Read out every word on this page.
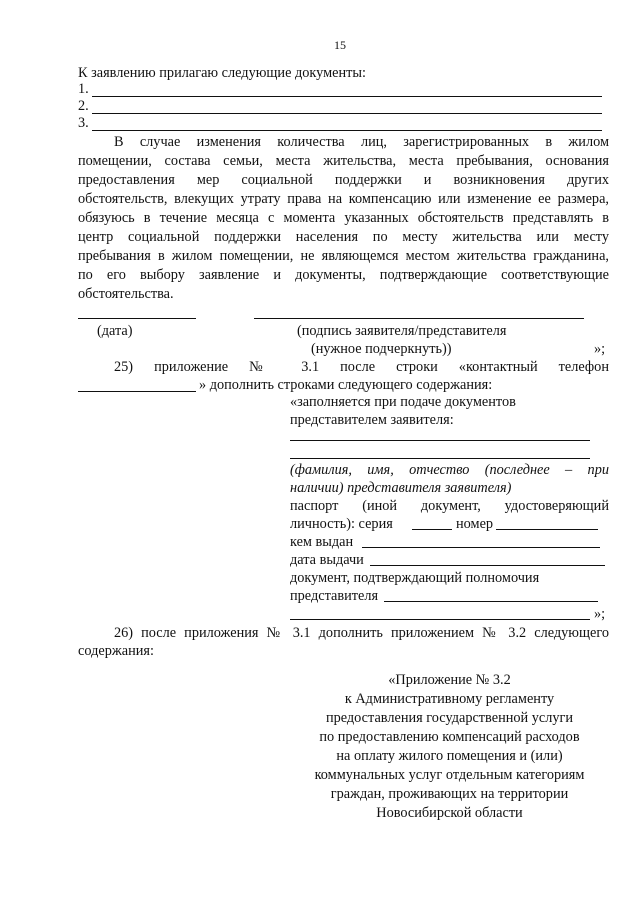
15
К заявлению прилагаю следующие документы:
1.
2.
3.
В случае изменения количества лиц, зарегистрированных в жилом
помещении, состава семьи, места жительства, места пребывания, основания
предоставления мер социальной поддержки и возникновения других
обстоятельств, влекущих утрату права на компенсацию или изменение ее размера,
обязуюсь в течение месяца с момента указанных обстоятельств представлять в
центр социальной поддержки населения по месту жительства или месту
пребывания в жилом помещении, не являющемся местом жительства гражданина,
по его выбору заявление и документы, подтверждающие соответствующие
обстоятельства.
(дата)	(подпись заявителя/представителя
(нужное подчеркнуть))	»;
25) приложение № 3.1 после строки «контактный телефон
» дополнить строками следующего содержания:
«заполняется при подаче документов
представителем заявителя:
(фамилия, имя, отчество (последнее – при
наличии) представителя заявителя)
паспорт (иной документ, удостоверяющий
личность): серия	номер
кем выдан
дата выдачи
документ, подтверждающий полномочия
представителя
»;
26) после приложения № 3.1 дополнить приложением № 3.2 следующего
содержания:
«Приложение № 3.2
к Административному регламенту
предоставления государственной услуги
по предоставлению компенсаций расходов
на оплату жилого помещения и (или)
коммунальных услуг отдельным категориям
граждан, проживающих на территории
Новосибирской области
